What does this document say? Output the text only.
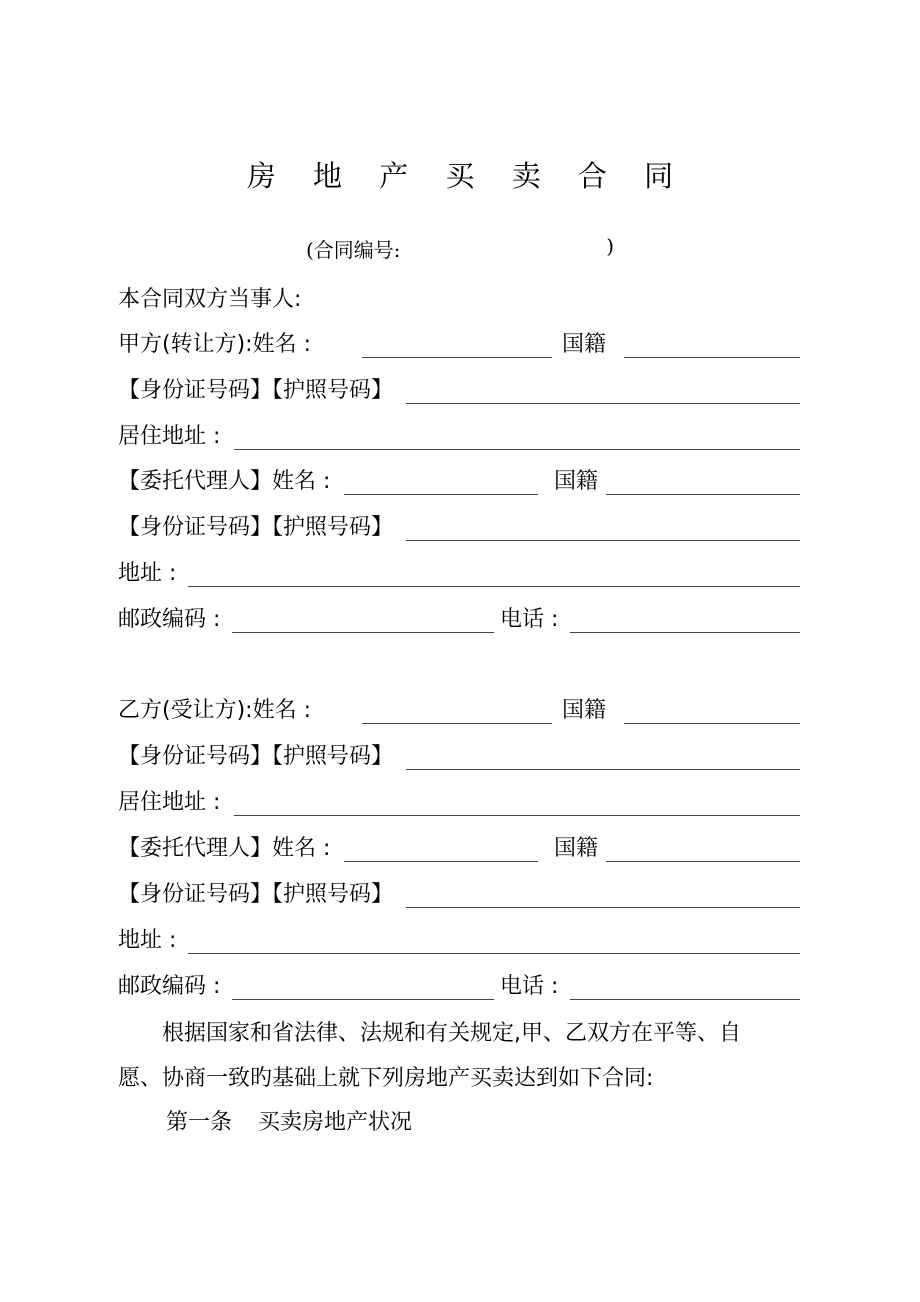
房 地 产 买 卖 合 同
(合同编号:	)
本合同双方当事人:
甲方(转让方):姓名 :	国籍
【身份证号码】【护照号码】
居住地址 :
【委托代理人】姓名 :	国籍
【身份证号码】【护照号码】
地址 :
邮政编码 :	电话 :
乙方(受让方):姓名 :	国籍
【身份证号码】【护照号码】
居住地址 :
【委托代理人】姓名 :	国籍
【身份证号码】【护照号码】
地址 :
邮政编码 :	电话 :
根据国家和省法律、法规和有关规定,甲、乙双方在平等、自
愿、协商一致旳基础上就下列房地产买卖达到如下合同:
第一条 买卖房地产状况
